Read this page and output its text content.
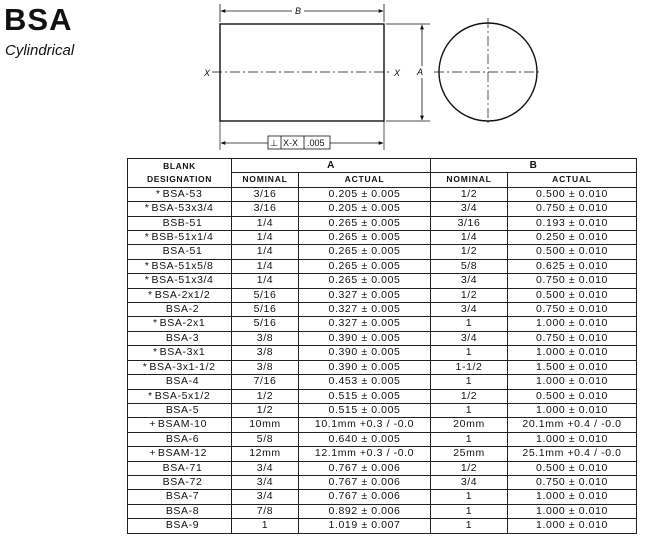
BSA
Cylindrical
B
X	X A
⊥ X-X .005
BLANK
DESIGNATION	A		B	
	NOMINAL	ACTUAL	NOMINAL	ACTUAL
* BSA-53	3/16	0.205 ± 0.005	1/2	0.500 ± 0.010
* BSA-53x3/4	3/16	0.205 ± 0.005	3/4	0.750 ± 0.010
BSB-51	1/4	0.265 ± 0.005	3/16	0.193 ± 0.010
* BSB-51x1/4	1/4	0.265 ± 0.005	1/4	0.250 ± 0.010
BSA-51	1/4	0.265 ± 0.005	1/2	0.500 ± 0.010
* BSA-51x5/8	1/4	0.265 ± 0.005	5/8	0.625 ± 0.010
* BSA-51x3/4	1/4	0.265 ± 0.005	3/4	0.750 ± 0.010
* BSA-2x1/2	5/16	0.327 ± 0.005	1/2	0.500 ± 0.010
BSA-2	5/16	0.327 ± 0.005	3/4	0.750 ± 0.010
* BSA-2x1	5/16	0.327 ± 0.005	1	1.000 ± 0.010
BSA-3	3/8	0.390 ± 0.005	3/4	0.750 ± 0.010
* BSA-3x1	3/8	0.390 ± 0.005	1	1.000 ± 0.010
* BSA-3x1-1/2	3/8	0.390 ± 0.005	1-1/2	1.500 ± 0.010
BSA-4	7/16	0.453 ± 0.005	1	1.000 ± 0.010
* BSA-5x1/2	1/2	0.515 ± 0.005	1/2	0.500 ± 0.010
BSA-5	1/2	0.515 ± 0.005	1	1.000 ± 0.010
+ BSAM-10	10mm	10.1mm +0.3 / -0.0	20mm	20.1mm +0.4 / -0.0
BSA-6	5/8	0.640 ± 0.005	1	1.000 ± 0.010
+ BSAM-12	12mm	12.1mm +0.3 / -0.0	25mm	25.1mm +0.4 / -0.0
BSA-71	3/4	0.767 ± 0.006	1/2	0.500 ± 0.010
BSA-72	3/4	0.767 ± 0.006	3/4	0.750 ± 0.010
BSA-7	3/4	0.767 ± 0.006	1	1.000 ± 0.010
BSA-8	7/8	0.892 ± 0.006	1	1.000 ± 0.010
BSA-9	1	1.019 ± 0.007	1	1.000 ± 0.010
